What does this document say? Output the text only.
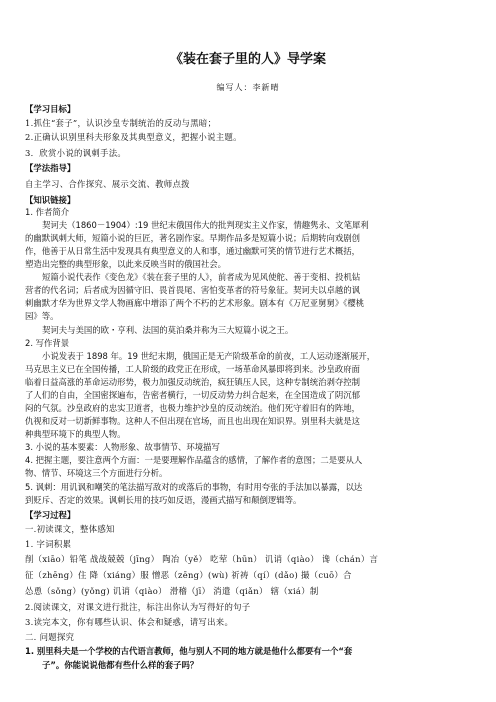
《装在套子里的人》导学案
编写人：李新晴
【学习目标】
1.抓住“套子”，认识沙皇专制统治的反动与黑暗；
2.正确认识别里科夫形象及其典型意义，把握小说主题。
3．欣赏小说的讽刺手法。
【学法指导】
自主学习、合作探究、展示交流、教师点拨
【知识链接】
1. 作者简介
契诃夫（1860－1904）:19 世纪末俄国伟大的批判现实主义作家，情趣隽永、文笔犀利
的幽默讽刺大师，短篇小说的巨匠，著名剧作家。早期作品多是短篇小说；后期转向戏剧创
作，他善于从日常生活中发现具有典型意义的人和事，通过幽默可笑的情节进行艺术概括，
塑造出完整的典型形象，以此来反映当时的俄国社会。
短篇小说代表作《变色龙》《装在套子里的人》，前者成为见风使舵、善于变相、投机钻
营者的代名词；后者成为因循守旧、畏首畏尾、害怕变革者的符号象征。契诃夫以卓越的讽
刺幽默才华为世界文学人物画廊中增添了两个不朽的艺术形象。剧本有《万尼亚舅舅》《樱桃
园》等。
契诃夫与美国的欧・亨利、法国的莫泊桑并称为三大短篇小说之王。
2. 写作背景
小说发表于 1898 年。19 世纪末期，俄国正是无产阶级革命的前夜，工人运动逐渐展开，
马克思主义已在全国传播，工人阶级的政党正在形成，一场革命风暴即将到来。沙皇政府面
临着日益高涨的革命运动形势，极力加强反动统治，疯狂镇压人民，这种专制统治剥夺控制
了人们的自由，全国密探遍布，告密者横行，一切反动势力纠合起来，在全国造成了阴沉郁
闷的气氛。沙皇政府的忠实卫道者，也极力维护沙皇的反动统治。他们死守着旧有的阵地，
仇视和反对一切新鲜事物。这种人不但出现在官场，而且也出现在知识界。别里科夫就是这
种典型环境下的典型人物。
3. 小说的基本要素：人物形象、故事情节、环境描写
4. 把握主题，要注意两个方面：一是要理解作品蕴含的感情，了解作者的意图；二是要从人
物、情节、环境这三个方面进行分析。
5. 讽刺：用讥讽和嘲笑的笔法描写敌对的或落后的事物，有时用夸张的手法加以暴露，以达
到贬斥、否定的效果。讽刺长用的技巧如反语，漫画式描写和颠倒逻辑等。
【学习过程】
一.初读课文，整体感知
1. 字词积累
削（xiāo）铅笔 战战兢兢（jīng） 陶冶（yě） 吃荤（hūn） 讥诮（qiào） 谗（chán）言
征（zhēng）住 降（xiáng）服 憎恶（zēng）(wù) 祈祷（qí）(dǎo) 撮（cuō）合
怂恿（sǒng）(yǒng) 讥诮（qiào） 滑稽（jī） 消遣（qiǎn） 辖（xiá）制
2.阅读课文，对课文进行批注，标注出你认为写得好的句子
3.读完本文，你有哪些认识、体会和疑惑，请写出来。
二. 问题探究
1. 别里科夫是一个学校的古代语言教师，他与别人不同的地方就是他什么都要有一个“套
子”。你能说说他都有些什么样的套子吗？
